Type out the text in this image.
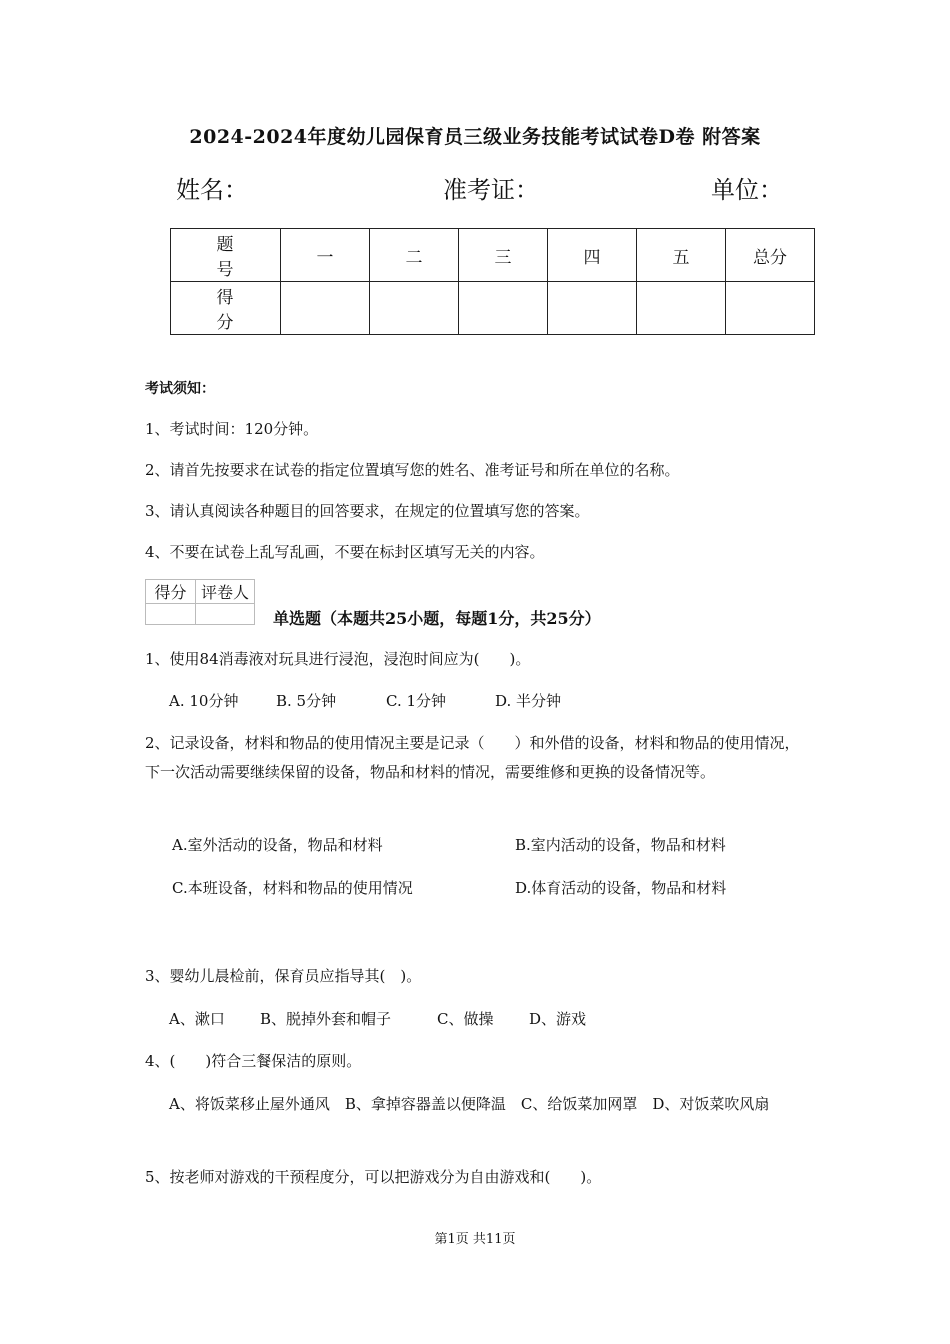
2024-2024年度幼儿园保育员三级业务技能考试试卷D卷 附答案
姓名：	准考证：	单位：
题　号	一	二	三	四	五	总分
得　分						
考试须知：
1、考试时间：120分钟。
2、请首先按要求在试卷的指定位置填写您的姓名、准考证号和所在单位的名称。
3、请认真阅读各种题目的回答要求，在规定的位置填写您的答案。
4、不要在试卷上乱写乱画，不要在标封区填写无关的内容。
得分	评卷人

单选题（本题共25小题，每题1分，共25分）
1、使用84消毒液对玩具进行浸泡，浸泡时间应为(　　)。
A. 10分钟	B. 5分钟	C. 1分钟	D. 半分钟
2、记录设备，材料和物品的使用情况主要是记录（　　）和外借的设备，材料和物品的使用情况，下一次活动需要继续保留的设备，物品和材料的情况，需要维修和更换的设备情况等。
A.室外活动的设备，物品和材料	B.室内活动的设备，物品和材料
C.本班设备，材料和物品的使用情况	D.体育活动的设备，物品和材料
3、婴幼儿晨检前，保育员应指导其(　)。
A、漱口 B、脱掉外套和帽子	C、做操 D、游戏
4、(　　)符合三餐保洁的原则。
A、将饭菜移止屋外通风　B、拿掉容器盖以便降温　C、给饭菜加网罩　D、对饭菜吹风扇
5、按老师对游戏的干预程度分，可以把游戏分为自由游戏和(　　)。
第1页 共11页
